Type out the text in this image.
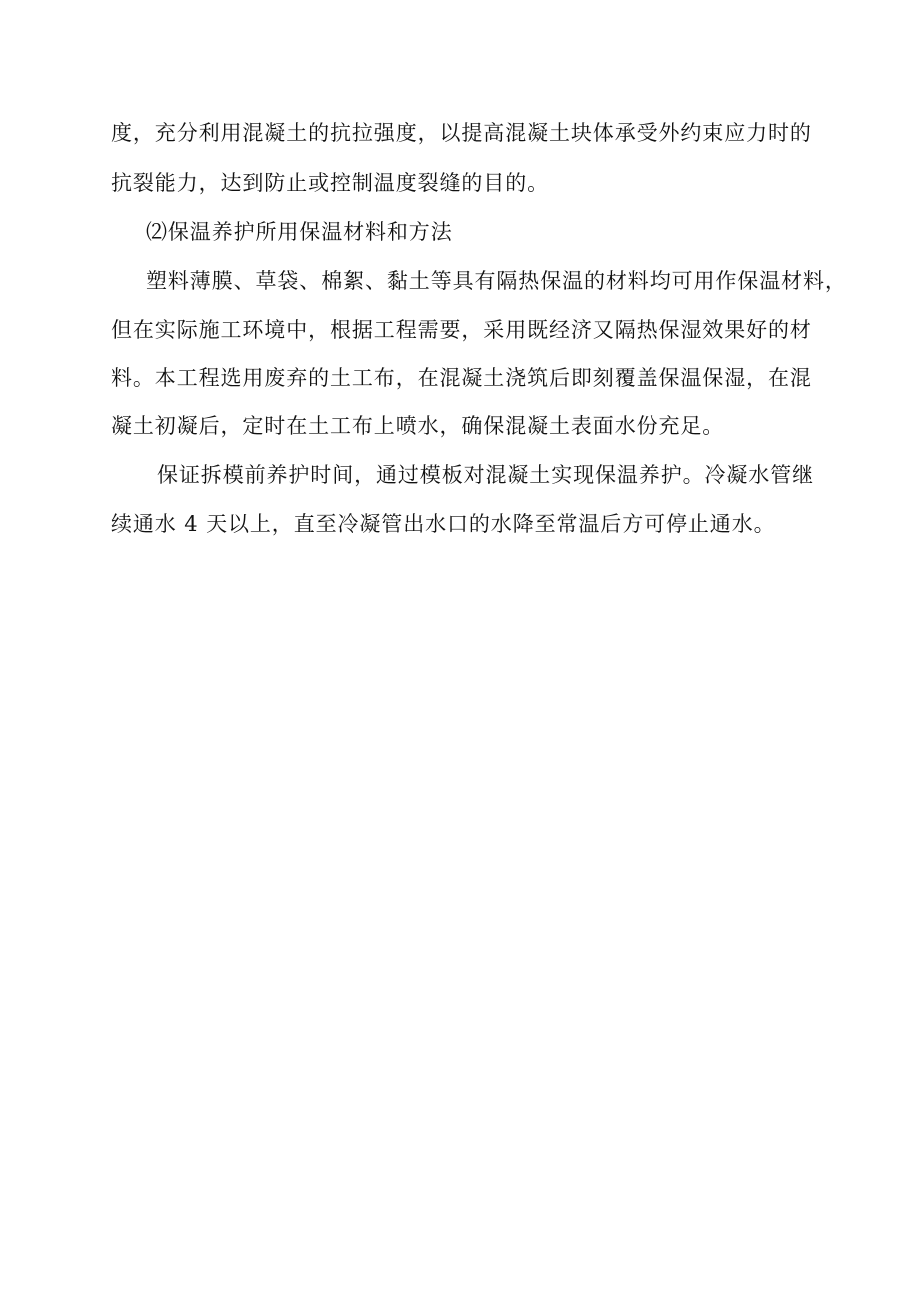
度，充分利用混凝土的抗拉强度，以提高混凝土块体承受外约束应力时的
抗裂能力，达到防止或控制温度裂缝的目的。
⑵保温养护所用保温材料和方法
塑料薄膜、草袋、棉絮、黏土等具有隔热保温的材料均可用作保温材料，
但在实际施工环境中，根据工程需要，采用既经济又隔热保湿效果好的材
料。本工程选用废弃的土工布，在混凝土浇筑后即刻覆盖保温保湿，在混
凝土初凝后，定时在土工布上喷水，确保混凝土表面水份充足。
保证拆模前养护时间，通过模板对混凝土实现保温养护。冷凝水管继
续通水 4 天以上，直至冷凝管出水口的水降至常温后方可停止通水。
